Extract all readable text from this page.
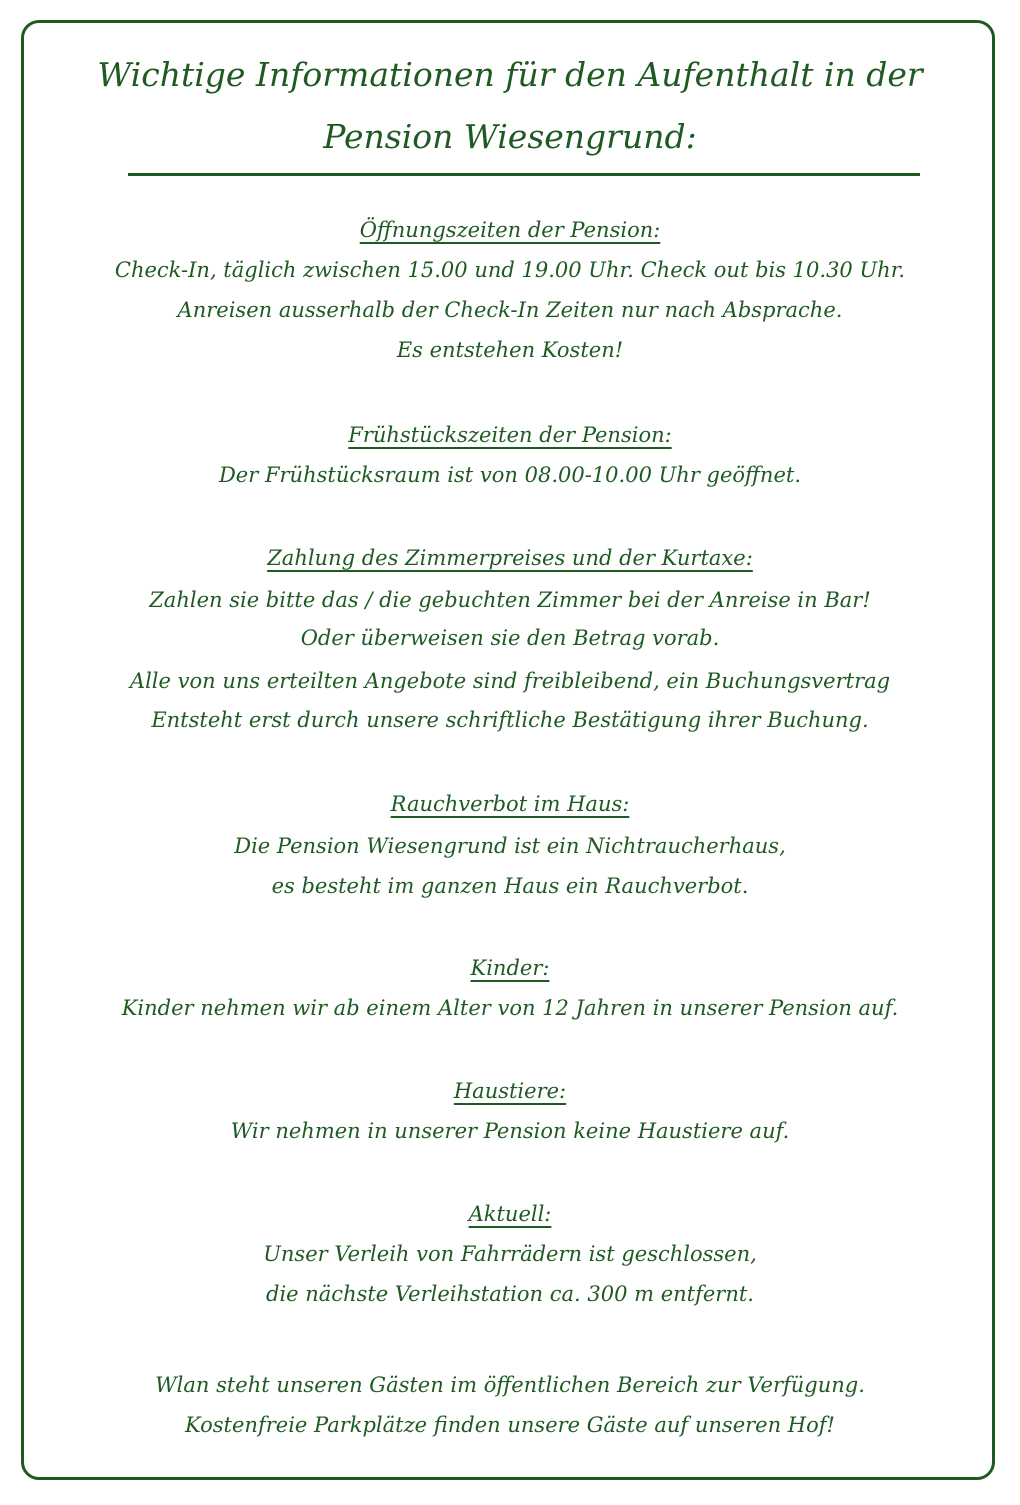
Wichtige Informationen für den Aufenthalt in der
Pension Wiesengrund:
Öffnungszeiten der Pension:
Check-In, täglich zwischen 15.00 und 19.00 Uhr. Check out bis 10.30 Uhr.
Anreisen ausserhalb der Check-In Zeiten nur nach Absprache.
Es entstehen Kosten!
Frühstückszeiten der Pension:
Der Frühstücksraum ist von 08.00-10.00 Uhr geöffnet.
Zahlung des Zimmerpreises und der Kurtaxe:
Zahlen sie bitte das / die gebuchten Zimmer bei der Anreise in Bar!
Oder überweisen sie den Betrag vorab.
Alle von uns erteilten Angebote sind freibleibend, ein Buchungsvertrag
Entsteht erst durch unsere schriftliche Bestätigung ihrer Buchung.
Rauchverbot im Haus:
Die Pension Wiesengrund ist ein Nichtraucherhaus,
es besteht im ganzen Haus ein Rauchverbot.
Kinder:
Kinder nehmen wir ab einem Alter von 12 Jahren in unserer Pension auf.
Haustiere:
Wir nehmen in unserer Pension keine Haustiere auf.
Aktuell:
Unser Verleih von Fahrrädern ist geschlossen,
die nächste Verleihstation ca. 300 m entfernt.
Wlan steht unseren Gästen im öffentlichen Bereich zur Verfügung.
Kostenfreie Parkplätze finden unsere Gäste auf unseren Hof!
